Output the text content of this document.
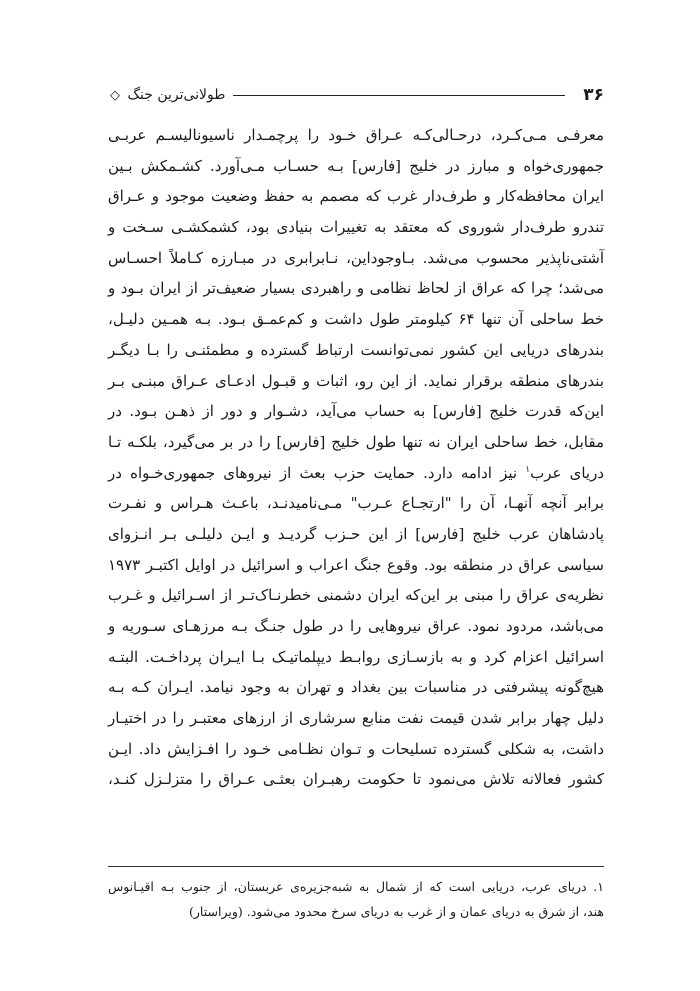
۳۶
طولانی‌ترین جنگ ◇
معرفـی مـی‌کـرد، درحـالی‌کـه عـراق خـود را پرچمـدار ناسیونالیسـم عربـی
جمهوری‌خواه و مبارز در خلیج [فارس] بـه حسـاب مـی‌آورد. کشـمکش بـین
ایران محافظه‌کار و طرف‌دار غرب که مصمم به حفظ وضعیت موجود و عـراق
تندرو طرف‌دار شوروی که معتقد به تغییرات بنیادی بود، کشمکشـی سـخت و
آشتی‌ناپذیر محسوب می‌شد. بـاوجوداین، نـابرابری در مبـارزه کـاملاً احسـاس
می‌شد؛ چرا که عراق از لحاظ نظامی و راهبردی بسیار ضعیف‌تر از ایران بـود و
خط ساحلی آن تنها ۶۴ کیلومتر طول داشت و کم‌عمـق بـود. بـه همـین دلیـل،
بندرهای دریایی این کشور نمی‌توانست ارتباط گسترده و مطمئنـی را بـا دیگـر
بندرهای منطقه برقرار نماید. از این رو، اثبات و قبـول ادعـای عـراق مبنـی بـر
این‌که قدرت خلیج [فارس] به حساب می‌آید، دشـوار و دور از ذهـن بـود. در
مقابل، خط ساحلی ایران نه تنها طول خلیج [فارس] را در بر می‌گیرد، بلکـه تـا
دریای عرب$^۱$ نیز ادامه دارد. حمایت حزب بعث از نیروهای جمهوری‌خـواه در
برابر آنچه آنهـا، آن را "ارتجـاع عـرب" مـی‌نامیدنـد، باعـث هـراس و نفـرت
پادشاهان عرب خلیج [فارس] از این حـزب گردیـد و ایـن دلیلـی بـر انـزوای
سیاسی عراق در منطقه بود. وقوع جنگ اعراب و اسرائیل در اوایل اکتبـر ۱۹۷۳
نظریه‌ی عراق را مبنی بر این‌که ایران دشمنی خطرنـاک‌تـر از اسـرائیل و غـرب
می‌باشد، مردود نمود. عراق نیروهایی را در طول جنـگ بـه مرزهـای سـوریه و
اسرائیل اعزام کرد و به بازسـازی روابـط دیپلماتیـک بـا ایـران پرداخـت. البتـه
هیچ‌گونه پیشرفتی در مناسبات بین بغداد و تهران به وجود نیامد. ایـران کـه بـه
دلیل چهار برابر شدن قیمت نفت منابع سرشاری از ارزهای معتبـر را در اختیـار
داشت، به شکلی گسترده تسلیحات و تـوان نظـامی خـود را افـزایش داد. ایـن
کشور فعالانه تلاش می‌نمود تا حکومت رهبـران بعثـی عـراق را متزلـزل کنـد،
۱. دریای عرب، دریایی است که از شمال به شبه‌جزیره‌ی عربستان، از جنوب بـه اقیـانوس
هند، از شرق به دریای عمان و از غرب به دریای سرخ محدود می‌شود. (ویراستار)
